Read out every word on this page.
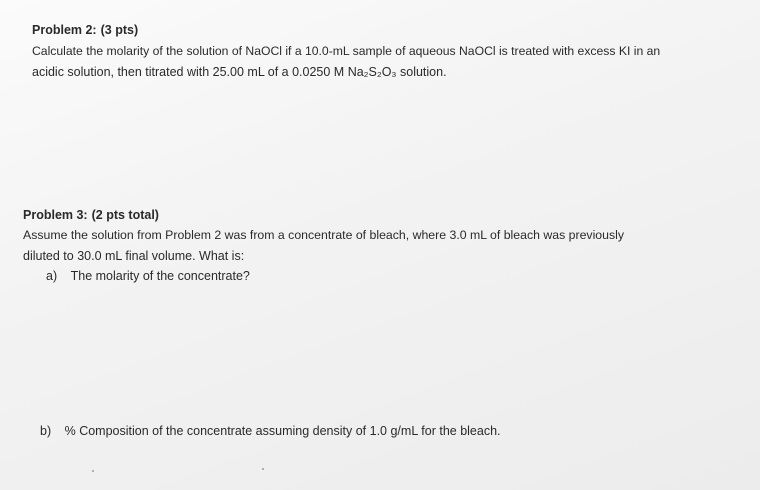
Problem 2: (3 pts)
Calculate the molarity of the solution of NaOCl if a 10.0-mL sample of aqueous NaOCl is treated with excess KI in an
acidic solution, then titrated with 25.00 mL of a 0.0250 M Na₂S₂O₃ solution.
Problem 3: (2 pts total)
Assume the solution from Problem 2 was from a concentrate of bleach, where 3.0 mL of bleach was previously
diluted to 30.0 mL final volume. What is:
a) The molarity of the concentrate?
b) % Composition of the concentrate assuming density of 1.0 g/mL for the bleach.
